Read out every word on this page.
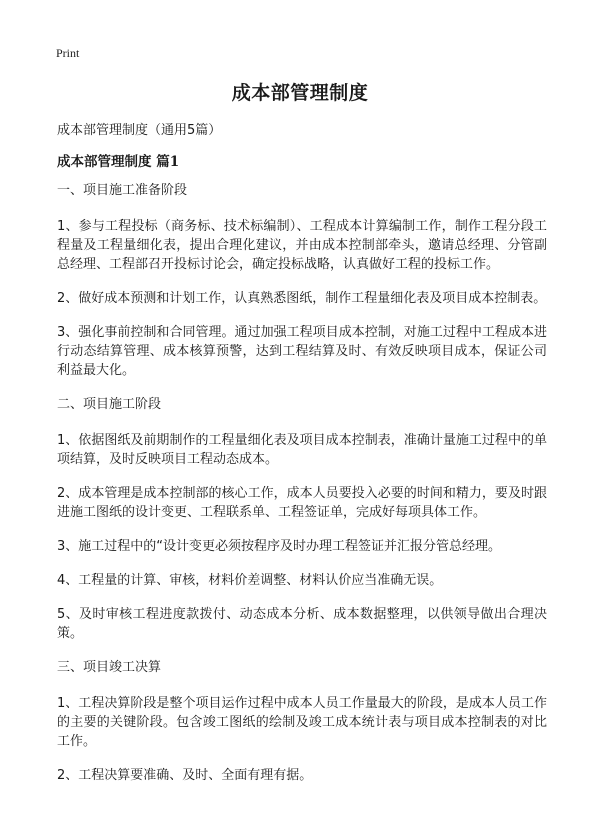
Print
成本部管理制度

成本部管理制度（通用5篇）

成本部管理制度 篇1

一、项目施工准备阶段

1、参与工程投标（商务标、技术标编制）、工程成本计算编制工作，制作工程分段工程量及工程量细化表，提出合理化建议，并由成本控制部牵头，邀请总经理、分管副总经理、工程部召开投标讨论会，确定投标战略，认真做好工程的投标工作。

2、做好成本预测和计划工作，认真熟悉图纸，制作工程量细化表及项目成本控制表。

3、强化事前控制和合同管理。通过加强工程项目成本控制，对施工过程中工程成本进行动态结算管理、成本核算预警，达到工程结算及时、有效反映项目成本，保证公司利益最大化。

二、项目施工阶段

1、依据图纸及前期制作的工程量细化表及项目成本控制表，准确计量施工过程中的单项结算，及时反映项目工程动态成本。

2、成本管理是成本控制部的核心工作，成本人员要投入必要的时间和精力，要及时跟进施工图纸的设计变更、工程联系单、工程签证单，完成好每项具体工作。

3、施工过程中的“设计变更必须按程序及时办理工程签证并汇报分管总经理。

4、工程量的计算、审核，材料价差调整、材料认价应当准确无误。

5、及时审核工程进度款拨付、动态成本分析、成本数据整理，以供领导做出合理决策。

三、项目竣工决算

1、工程决算阶段是整个项目运作过程中成本人员工作量最大的阶段，是成本人员工作的主要的关键阶段。包含竣工图纸的绘制及竣工成本统计表与项目成本控制表的对比工作。

2、工程决算要准确、及时、全面有理有据。
